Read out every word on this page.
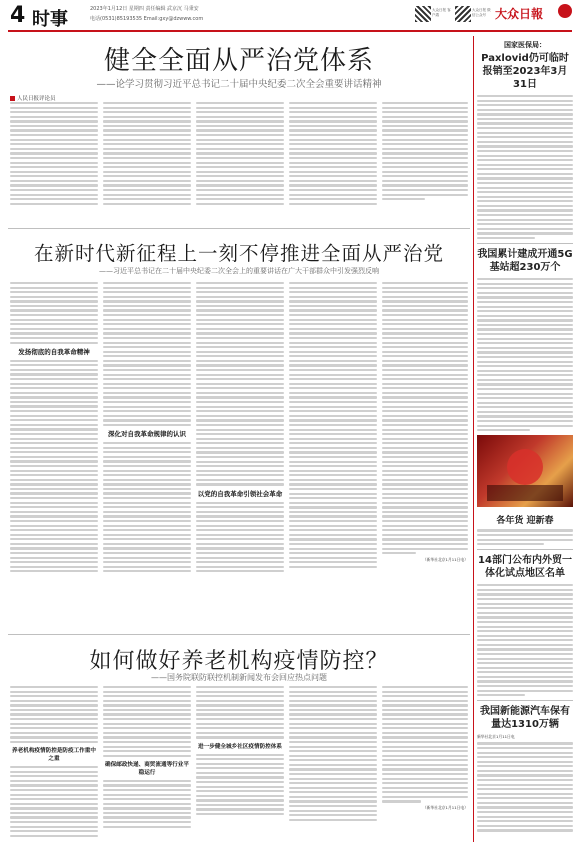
4 时事	2023年1月12日 星期四 责任编辑 武京沉 马秉安
电话(0531)85193535 Email:gxy@dzwww.com
大众日报 客户端
大众日报 微信公众号 大众日報
健全全面从严治党体系
——论学习贯彻习近平总书记二十届中央纪委二次全会重要讲话精神
人民日报评论员
在新时代新征程上一刻不停推进全面从严治党
——习近平总书记在二十届中央纪委二次全会上的重要讲话在广大干部群众中引发强烈反响
发扬彻底的自我革命精神
深化对自我革命规律的认识
以党的自我革命引领社会革命
（新华社北京1月11日电）
如何做好养老机构疫情防控？
——国务院联防联控机制新闻发布会回应热点问题
养老机构疫情防控是防疫工作重中之重
确保邮政快递、商贸流通等行业平稳运行
进一步健全城乡社区疫情防控体系
（新华社北京1月11日电）
国家医保局：
Paxlovid仍可临时报销至2023年3月31日
我国累计建成开通5G基站超230万个
各年货 迎新春
14部门公布内外贸一体化试点地区名单
我国新能源汽车保有量达1310万辆
新华社北京1月11日电
